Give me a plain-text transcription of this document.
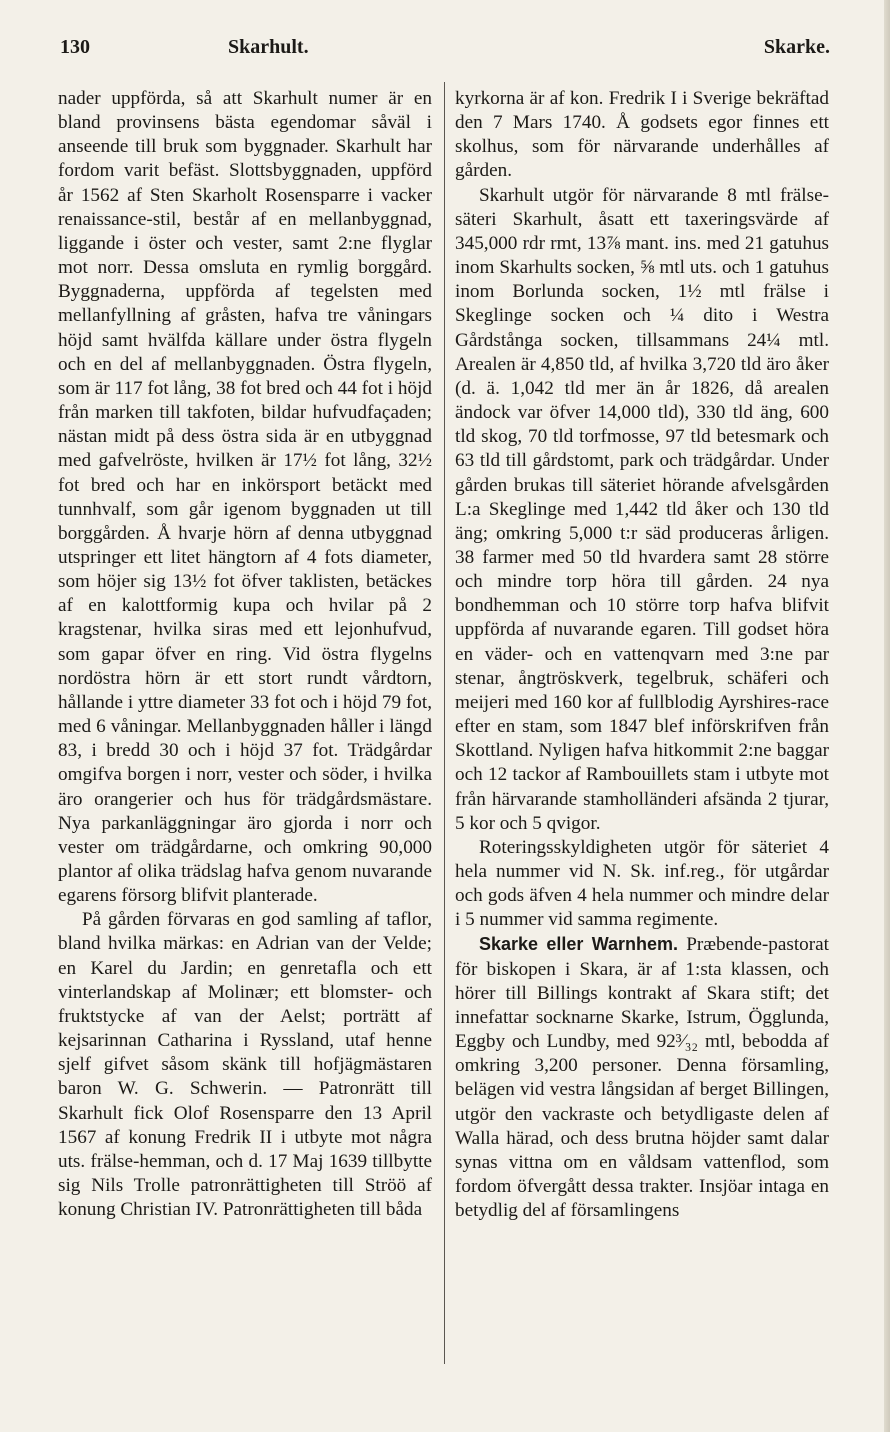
130	Skarhult.	Skarke.

nader uppförda, så att Skarhult numer är en bland provinsens bästa egendomar såväl i anseende till bruk som byggnader. Skarhult har fordom varit befäst. Slottsbyggnaden, uppförd år 1562 af Sten Skarholt Rosensparre i vacker renaissance-stil, består af en mellanbyggnad, liggande i öster och vester, samt 2:ne flyglar mot norr. Dessa omsluta en rymlig borggård. Byggnaderna, uppförda af tegelsten med mellanfyllning af gråsten, hafva tre våningars höjd samt hvälfda källare under östra flygeln och en del af mellanbyggnaden. Östra flygeln, som är 117 fot lång, 38 fot bred och 44 fot i höjd från marken till takfoten, bildar hufvudfaçaden; nästan midt på dess östra sida är en utbyggnad med gafvelröste, hvilken är 17½ fot lång, 32½ fot bred och har en inkörsport betäckt med tunnhvalf, som går igenom byggnaden ut till borggården. Å hvarje hörn af denna utbyggnad utspringer ett litet hängtorn af 4 fots diameter, som höjer sig 13½ fot öfver taklisten, betäckes af en kalottformig kupa och hvilar på 2 kragstenar, hvilka siras med ett lejonhufvud, som gapar öfver en ring. Vid östra flygelns nordöstra hörn är ett stort rundt vårdtorn, hållande i yttre diameter 33 fot och i höjd 79 fot, med 6 våningar. Mellanbyggnaden håller i längd 83, i bredd 30 och i höjd 37 fot. Trädgårdar omgifva borgen i norr, vester och söder, i hvilka äro orangerier och hus för trädgårdsmästare. Nya parkanläggningar äro gjorda i norr och vester om trädgårdarne, och omkring 90,000 plantor af olika trädslag hafva genom nuvarande egarens försorg blifvit planterade.

På gården förvaras en god samling af taflor, bland hvilka märkas: en Adrian van der Velde; en Karel du Jardin; en genretafla och ett vinterlandskap af Molinær; ett blomster- och fruktstycke af van der Aelst; porträtt af kejsarinnan Catharina i Ryssland, utaf henne sjelf gifvet såsom skänk till hofjägmästaren baron W. G. Schwerin. — Patronrätt till Skarhult fick Olof Rosensparre den 13 April 1567 af konung Fredrik II i utbyte mot några uts. frälse-hemman, och d. 17 Maj 1639 tillbytte sig Nils Trolle patronrättigheten till Ströö af konung Christian IV. Patronrättigheten till båda

kyrkorna är af kon. Fredrik I i Sverige bekräftad den 7 Mars 1740. Å godsets egor finnes ett skolhus, som för närvarande underhålles af gården.

Skarhult utgör för närvarande 8 mtl frälse-säteri Skarhult, åsatt ett taxeringsvärde af 345,000 rdr rmt, 13⅞ mant. ins. med 21 gatuhus inom Skarhults socken, ⅝ mtl uts. och 1 gatuhus inom Borlunda socken, 1½ mtl frälse i Skeglinge socken och ¼ dito i Westra Gårdstånga socken, tillsammans 24¼ mtl. Arealen är 4,850 tld, af hvilka 3,720 tld äro åker (d. ä. 1,042 tld mer än år 1826, då arealen ändock var öfver 14,000 tld), 330 tld äng, 600 tld skog, 70 tld torfmosse, 97 tld betesmark och 63 tld till gårdstomt, park och trädgårdar. Under gården brukas till säteriet hörande afvelsgården L:a Skeglinge med 1,442 tld åker och 130 tld äng; omkring 5,000 t:r säd produceras årligen. 38 farmer med 50 tld hvardera samt 28 större och mindre torp höra till gården. 24 nya bondhemman och 10 större torp hafva blifvit uppförda af nuvarande egaren. Till godset höra en väder- och en vattenqvarn med 3:ne par stenar, ångtröskverk, tegelbruk, schäferi och meijeri med 160 kor af fullblodig Ayrshires-race efter en stam, som 1847 blef införskrifven från Skottland. Nyligen hafva hitkommit 2:ne baggar och 12 tackor af Rambouillets stam i utbyte mot från härvarande stamholländeri afsända 2 tjurar, 5 kor och 5 qvigor.

Roteringsskyldigheten utgör för säteriet 4 hela nummer vid N. Sk. inf.reg., för utgårdar och gods äfven 4 hela nummer och mindre delar i 5 nummer vid samma regimente.

Skarke eller Warnhem. Præbende-pastorat för biskopen i Skara, är af 1:sta klassen, och hörer till Billings kontrakt af Skara stift; det innefattar socknarne Skarke, Istrum, Ögglunda, Eggby och Lundby, med 92³⁄₃₂ mtl, bebodda af omkring 3,200 personer. Denna församling, belägen vid vestra långsidan af berget Billingen, utgör den vackraste och betydligaste delen af Walla härad, och dess brutna höjder samt dalar synas vittna om en våldsam vattenflod, som fordom öfvergått dessa trakter. Insjöar intaga en betydlig del af församlingens
